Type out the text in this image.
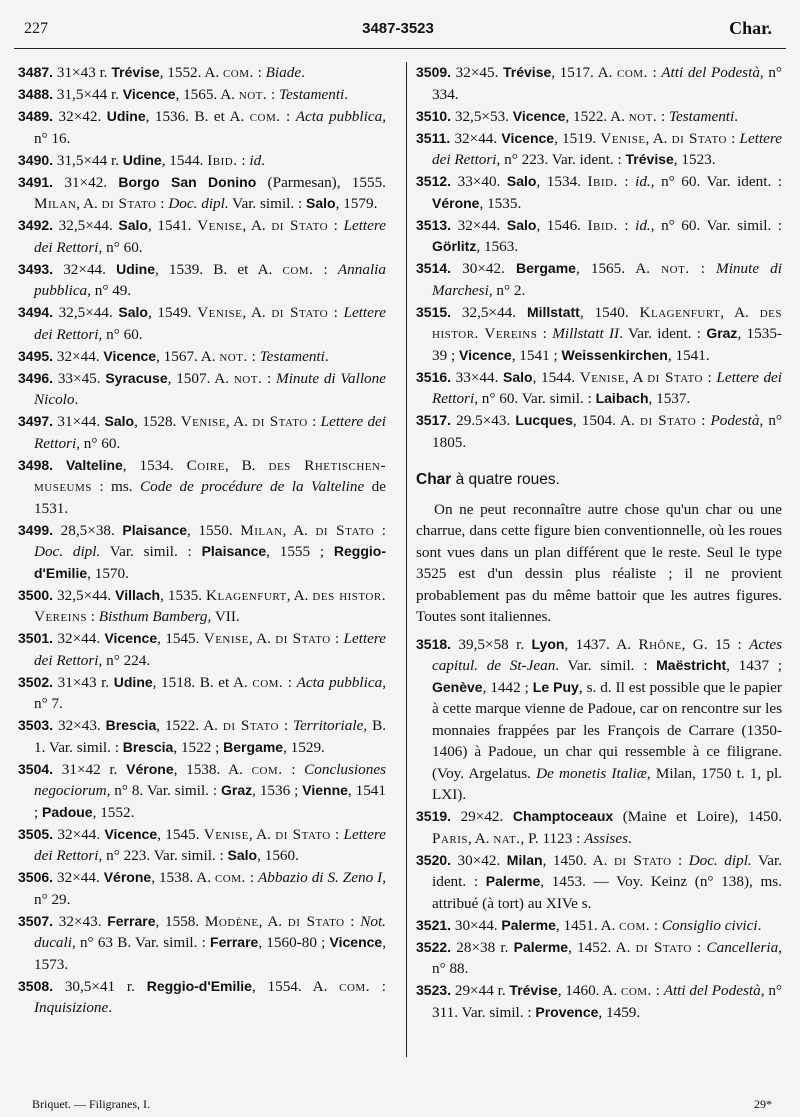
227	3487-3523	Char.
3487. 31×43 r. Trévise, 1552. A. com. : Biade.
3488. 31,5×44 r. Vicence, 1565. A. not. : Testamenti.
3489. 32×42. Udine, 1536. B. et A. com. : Acta pubblica, n° 16.
3490. 31,5×44 r. Udine, 1544. Ibid. : id.
3491. 31×42. Borgo San Donino (Parmesan), 1555. Milan, A. di Stato : Doc. dipl. Var. simil. : Salo, 1579.
3492. 32,5×44. Salo, 1541. Venise, A. di Stato : Lettere dei Rettori, n° 60.
3493. 32×44. Udine, 1539. B. et A. com. : Annalia pubblica, n° 49.
3494. 32,5×44. Salo, 1549. Venise, A. di Stato : Lettere dei Rettori, n° 60.
3495. 32×44. Vicence, 1567. A. not. : Testamenti.
3496. 33×45. Syracuse, 1507. A. not. : Minute di Vallone Nicolo.
3497. 31×44. Salo, 1528. Venise, A. di Stato : Lettere dei Rettori, n° 60.
3498. Valteline, 1534. Coire, B. des Rhetischen-museums : ms. Code de procédure de la Valteline de 1531.
3499. 28,5×38. Plaisance, 1550. Milan, A. di Stato : Doc. dipl. Var. simil. : Plaisance, 1555 ; Reggio-d'Emilie, 1570.
3500. 32,5×44. Villach, 1535. Klagenfurt, A. des histor. Vereins : Bisthum Bamberg, VII.
3501. 32×44. Vicence, 1545. Venise, A. di Stato : Lettere dei Rettori, n° 224.
3502. 31×43 r. Udine, 1518. B. et A. com. : Acta pubblica, n° 7.
3503. 32×43. Brescia, 1522. A. di Stato : Territoriale, B. 1. Var. simil. : Brescia, 1522 ; Bergame, 1529.
3504. 31×42 r. Vérone, 1538. A. com. : Conclusiones negociorum, n° 8. Var. simil. : Graz, 1536 ; Vienne, 1541 ; Padoue, 1552.
3505. 32×44. Vicence, 1545. Venise, A. di Stato : Lettere dei Rettori, n° 223. Var. simil. : Salo, 1560.
3506. 32×44. Vérone, 1538. A. com. : Abbazio di S. Zeno I, n° 29.
3507. 32×43. Ferrare, 1558. Modène, A. di Stato : Not. ducali, n° 63 B. Var. simil. : Ferrare, 1560-80 ; Vicence, 1573.
3508. 30,5×41 r. Reggio-d'Emilie, 1554. A. com. : Inquisizione.
3509. 32×45. Trévise, 1517. A. com. : Atti del Podestà, n° 334.
3510. 32,5×53. Vicence, 1522. A. not. : Testamenti.
3511. 32×44. Vicence, 1519. Venise, A. di Stato : Lettere dei Rettori, n° 223. Var. ident. : Trévise, 1523.
3512. 33×40. Salo, 1534. Ibid. : id., n° 60. Var. ident. : Vérone, 1535.
3513. 32×44. Salo, 1546. Ibid. : id., n° 60. Var. simil. : Görlitz, 1563.
3514. 30×42. Bergame, 1565. A. not. : Minute di Marchesi, n° 2.
3515. 32,5×44. Millstatt, 1540. Klagenfurt, A. des histor. Vereins : Millstatt II. Var. ident. : Graz, 1535-39 ; Vicence, 1541 ; Weissenkirchen, 1541.
3516. 33×44. Salo, 1544. Venise, A di Stato : Lettere dei Rettori, n° 60. Var. simil. : Laibach, 1537.
3517. 29.5×43. Lucques, 1504. A. di Stato : Podestà, n° 1805.
Char à quatre roues.
On ne peut reconnaître autre chose qu'un char ou une charrue, dans cette figure bien conventionnelle, où les roues sont vues dans un plan différent que le reste. Seul le type 3525 est d'un dessin plus réaliste ; il ne provient probablement pas du même battoir que les autres figures. Toutes sont italiennes.
3518. 39,5×58 r. Lyon, 1437. A. Rhône, G. 15 : Actes capitul. de St-Jean. Var. simil. : Maëstricht, 1437 ; Genève, 1442 ; Le Puy, s. d. Il est possible que le papier à cette marque vienne de Padoue, car on rencontre sur les monnaies frappées par les François de Carrare (1350-1406) à Padoue, un char qui ressemble à ce filigrane. (Voy. Argelatus. De monetis Italiæ, Milan, 1750 t. 1, pl. LXI).
3519. 29×42. Champtoceaux (Maine et Loire), 1450. Paris, A. nat., P. 1123 : Assises.
3520. 30×42. Milan, 1450. A. di Stato : Doc. dipl. Var. ident. : Palerme, 1453. — Voy. Keinz (n° 138), ms. attribué (à tort) au XIVe s.
3521. 30×44. Palerme, 1451. A. com. : Consiglio civici.
3522. 28×38 r. Palerme, 1452. A. di Stato : Cancelleria, n° 88.
3523. 29×44 r. Trévise, 1460. A. com. : Atti del Podestà, n° 311. Var. simil. : Provence, 1459.
Briquet. — Filigranes, I.	29*
